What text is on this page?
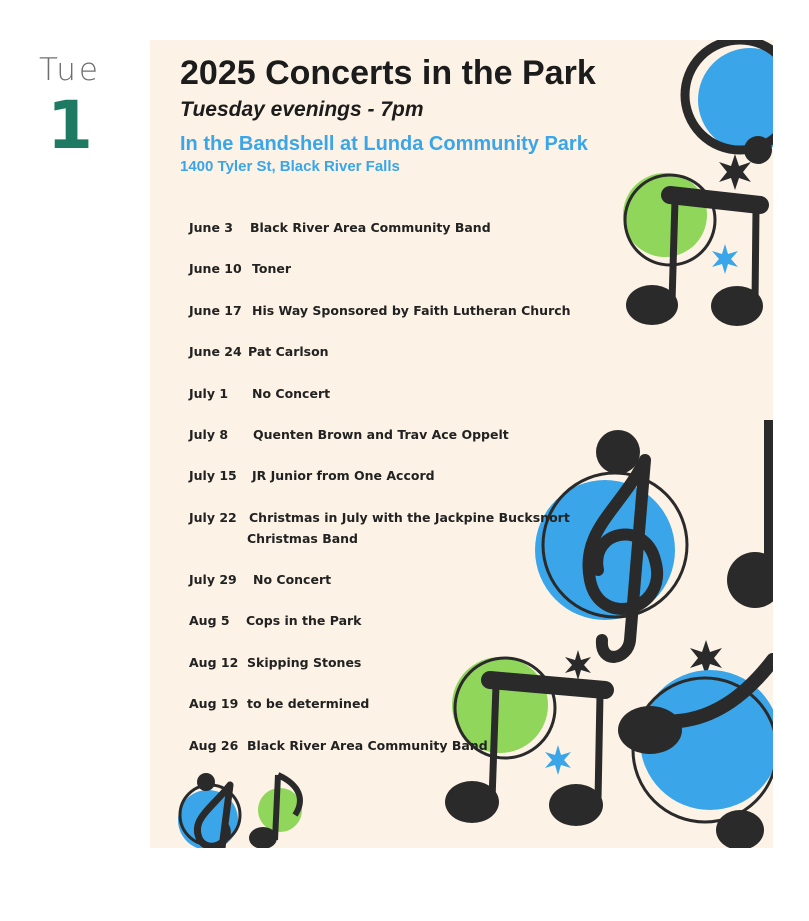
Tue
1
2025 Concerts in the Park
Tuesday evenings - 7pm
In the Bandshell at Lunda Community Park
1400 Tyler St, Black River Falls
June 3 Black River Area Community Band
June 10 Toner
June 17 His Way Sponsored by Faith Lutheran Church
June 24 Pat Carlson
July 1 No Concert
July 8 Quenten Brown and Trav Ace Oppelt
July 15 JR Junior from One Accord
July 22 Christmas in July with the Jackpine Bucksnort
Christmas Band
July 29 No Concert
Aug 5 Cops in the Park
Aug 12 Skipping Stones
Aug 19 to be determined
Aug 26 Black River Area Community Band
